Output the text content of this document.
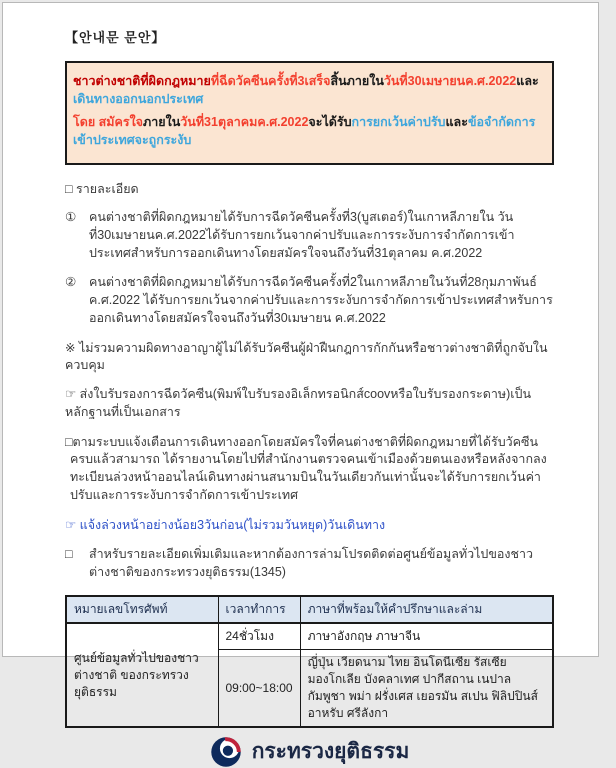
【안내문 문안】
ชาวต่างชาติที่ผิดกฎหมายที่ฉีดวัคซีนครั้งที่3เสร็จสิ้นภายในวันที่30เมษายนค.ศ.2022และเดินทางออกนอกประเทศ
โดย สมัครใจภายในวันที่31ตุลาคมค.ศ.2022จะได้รับการยกเว้นค่าปรับและข้อจำกัดการเข้าประเทศจะถูกระงับ
□ รายละเอียด
① คนต่างชาติที่ผิดกฎหมายได้รับการฉีดวัคซีนครั้งที่3(บูสเตอร์)ในเกาหลีภายใน วันที่30เมษายนค.ศ.2022ได้รับการยกเว้นจากค่าปรับและการระงับการจำกัดการเข้าประเทศสำหรับการออกเดินทางโดยสมัครใจจนถึงวันที่31ตุลาคม ค.ศ.2022
② คนต่างชาติที่ผิดกฎหมายได้รับการฉีดวัคซีนครั้งที่2ในเกาหลีภายในวันที่28กุมภาพันธ์ ค.ศ.2022 ได้รับการยกเว้นจากค่าปรับและการระงับการจำกัดการเข้าประเทศสำหรับการออกเดินทางโดยสมัครใจจนถึงวันที่30เมษายน ค.ศ.2022
※ ไม่รวมความผิดทางอาญาผู้ไม่ได้รับวัคซีนผู้ฝ่าฝืนกฎการกักกันหรือชาวต่างชาติที่ถูกจับในควบคุม
☞ ส่งใบรับรองการฉีดวัคซีน(พิมพ์ใบรับรองอิเล็กทรอนิกส์coovหรือใบรับรองกระดาษ)เป็นหลักฐานที่เป็นเอกสาร
□ตามระบบแจ้งเตือนการเดินทางออกโดยสมัครใจที่คนต่างชาติที่ผิดกฎหมายที่ได้รับวัคซีนครบแล้วสามารถ ได้รายงานโดยไปที่สำนักงานตรวจคนเข้าเมืองด้วยตนเองหรือหลังจากลงทะเบียนล่วงหน้าออนไลน์เดินทางผ่านสนามบินในวันเดียวกันเท่านั้นจะได้รับการยกเว้นค่าปรับและการระงับการจำกัดการเข้าประเทศ
☞ แจ้งล่วงหน้าอย่างน้อย3วันก่อน(ไม่รวมวันหยุด)วันเดินทาง
□ สำหรับรายละเอียดเพิ่มเติมและหากต้องการล่ามโปรดติดต่อศูนย์ข้อมูลทั่วไปของชาวต่างชาติของกระทรวงยุติธรรม(1345)
หมายเลขโทรศัพท์	เวลาทำการ	ภาษาที่พร้อมให้คำปรึกษาและล่าม
ศูนย์ข้อมูลทั่วไปของชาวต่างชาติ ของกระทรวงยุติธรรม	24ชั่วโมง	ภาษาอังกฤษ ภาษาจีน
	09:00~18:00	ญี่ปุ่น เวียดนาม ไทย อินโดนีเซีย รัสเซีย มองโกเลีย บังคลาเทศ ปากีสถาน เนปาล กัมพูชา พม่า ฝรั่งเศส เยอรมัน สเปน ฟิลิปปินส์ อาหรับ ศรีลังกา
กระทรวงยุติธรรม
